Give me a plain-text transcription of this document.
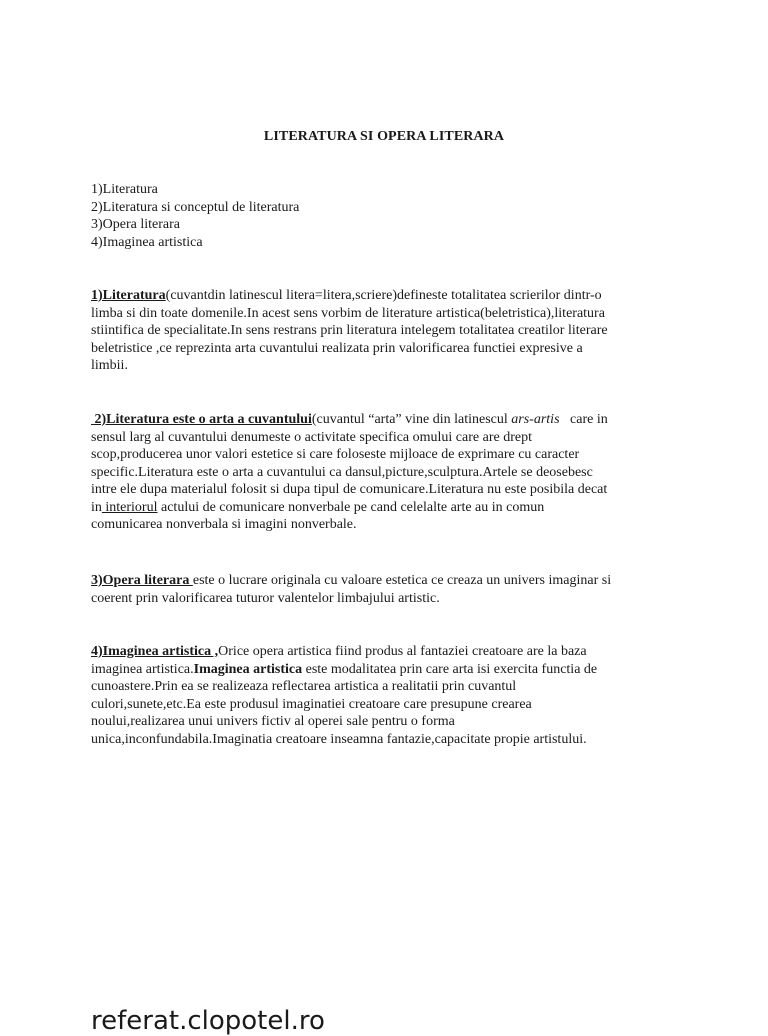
LITERATURA SI OPERA LITERARA
1)Literatura
2)Literatura si conceptul de literatura
3)Opera literara
4)Imaginea artistica

1)Literatura(cuvantdin latinescul litera=litera,scriere)defineste totalitatea scrierilor dintr-o
limba si din toate domenile.In acest sens vorbim de literature artistica(beletristica),literatura
stiintifica de specialitate.In sens restrans prin literatura intelegem totalitatea creatilor literare
beletristice ,ce reprezinta arta cuvantului realizata prin valorificarea functiei expresive a
limbii.

2)Literatura este o arta a cuvantului(cuvantul “arta” vine din latinescul ars-artis   care in
sensul larg al cuvantului denumeste o activitate specifica omului care are drept
scop,producerea unor valori estetice si care foloseste mijloace de exprimare cu caracter
specific.Literatura este o arta a cuvantului ca dansul,picture,sculptura.Artele se deosebesc
intre ele dupa materialul folosit si dupa tipul de comunicare.Literatura nu este posibila decat
in interiorul actului de comunicare nonverbale pe cand celelalte arte au in comun
comunicarea nonverbala si imagini nonverbale.

3)Opera literara este o lucrare originala cu valoare estetica ce creaza un univers imaginar si
coerent prin valorificarea tuturor valentelor limbajului artistic.

4)Imaginea artistica ,Orice opera artistica fiind produs al fantaziei creatoare are la baza
imaginea artistica.Imaginea artistica este modalitatea prin care arta isi exercita functia de
cunoastere.Prin ea se realizeaza reflectarea artistica a realitatii prin cuvantul
culori,sunete,etc.Ea este produsul imaginatiei creatoare care presupune crearea
noului,realizarea unui univers fictiv al operei sale pentru o forma
unica,inconfundabila.Imaginatia creatoare inseamna fantazie,capacitate propie artistului.

referat.clopotel.ro
